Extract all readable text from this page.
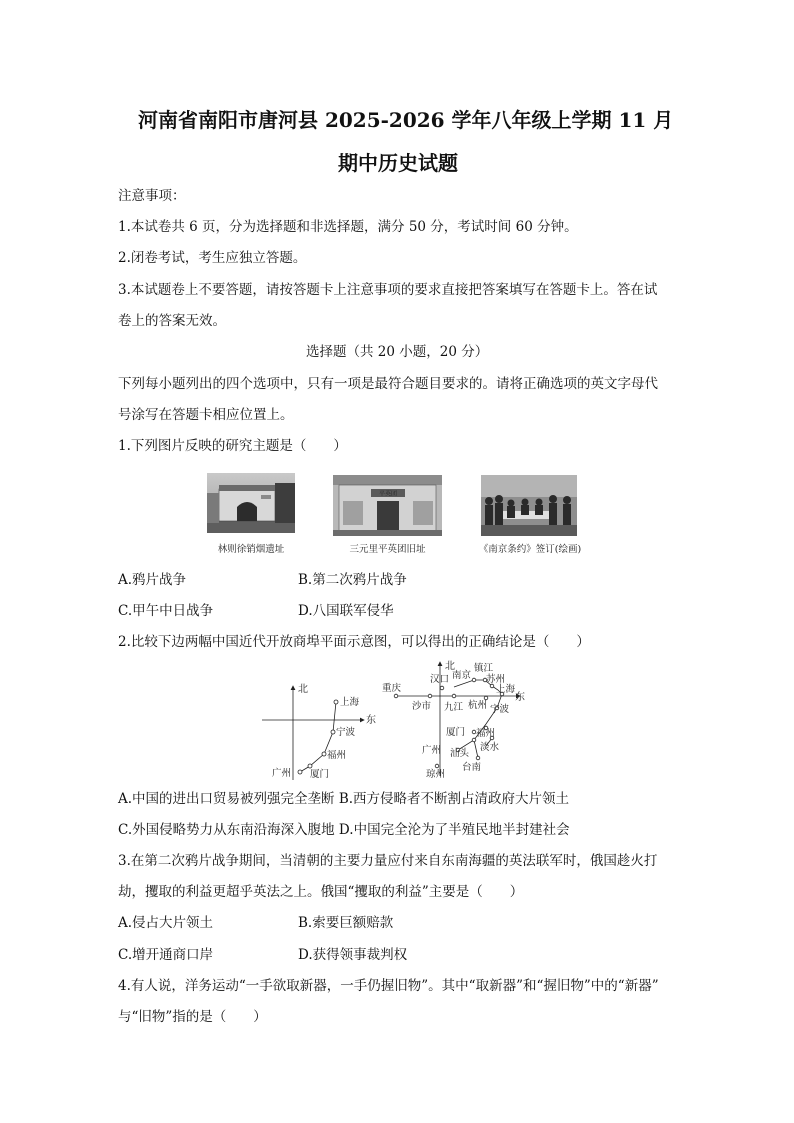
河南省南阳市唐河县 2025-2026 学年八年级上学期 11 月
期中历史试题
注意事项：
1.本试卷共 6 页，分为选择题和非选择题，满分 50 分，考试时间 60 分钟。
2.闭卷考试，考生应独立答题。
3.本试题卷上不要答题，请按答题卡上注意事项的要求直接把答案填写在答题卡上。答在试
卷上的答案无效。
选择题（共 20 小题，20 分）
下列每小题列出的四个选项中，只有一项是最符合题目要求的。请将正确选项的英文字母代
号涂写在答题卡相应位置上。
1.下列图片反映的研究主题是（　　）
林则徐销烟遗址
平英团
三元里平英团旧址	《南京条约》签订(绘画)
A.鸦片战争	B.第二次鸦片战争
C.甲午中日战争	D.八国联军侵华
2.比较下边两幅中国近代开放商埠平面示意图，可以得出的正确结论是（　　）
北
东
上海
宁波
福州
广州 厦门
北
东
重庆
汉口
沙市 九江
南京
镇江
苏州
上海
杭州 宁波
厦门 福州
广州 汕头
淡水
琼州
台南
A.中国的进出口贸易被列强完全垄断 B.西方侵略者不断割占清政府大片领土
C.外国侵略势力从东南沿海深入腹地 D.中国完全沦为了半殖民地半封建社会
3.在第二次鸦片战争期间，当清朝的主要力量应付来自东南海疆的英法联军时，俄国趁火打
劫，攫取的利益更超乎英法之上。俄国“攫取的利益”主要是（　　）
A.侵占大片领土	B.索要巨额赔款
C.增开通商口岸	D.获得领事裁判权
4.有人说，洋务运动“一手欲取新器，一手仍握旧物”。其中“取新器”和“握旧物”中的“新器”
与“旧物”指的是（　　）
